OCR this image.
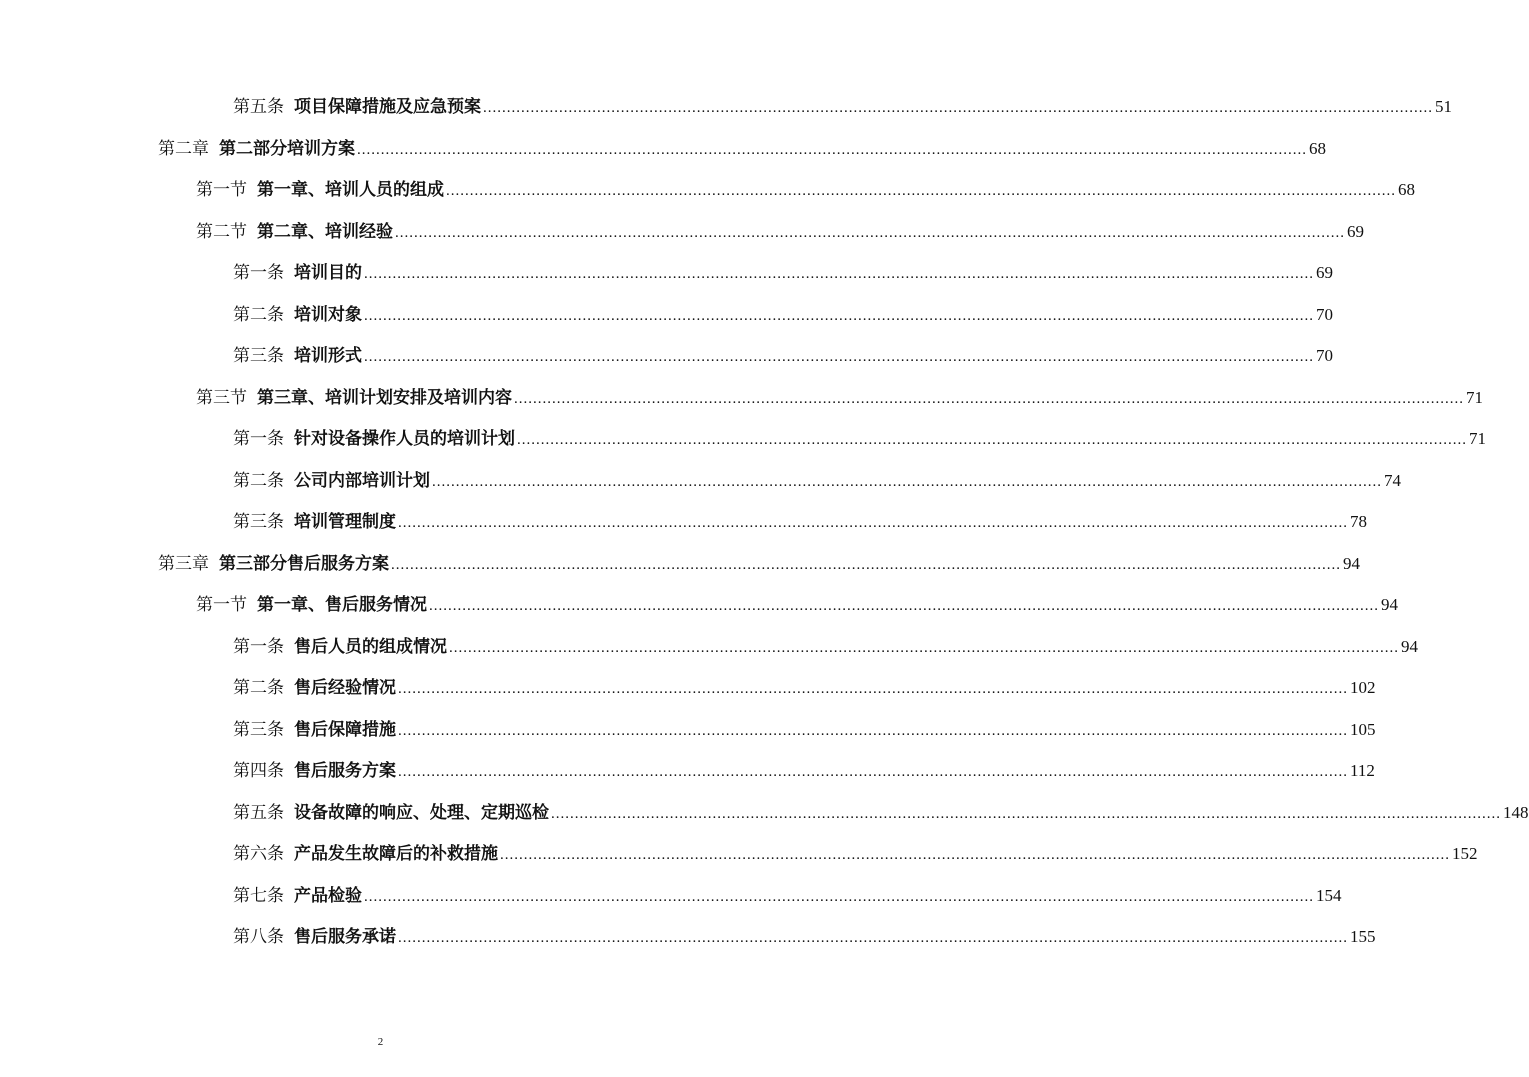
第五条 项目保障措施及应急预案 ........................................................................................................................................................................................................ 51
第二章 第二部分培训方案 ........................................................................................................................................................................................................ 68
第一节 第一章、培训人员的组成 ........................................................................................................................................................................................................ 68
第二节 第二章、培训经验 ........................................................................................................................................................................................................ 69
第一条 培训目的 ........................................................................................................................................................................................................ 69
第二条 培训对象 ........................................................................................................................................................................................................ 70
第三条 培训形式 ........................................................................................................................................................................................................ 70
第三节 第三章、培训计划安排及培训内容 ........................................................................................................................................................................................................ 71
第一条 针对设备操作人员的培训计划 ........................................................................................................................................................................................................ 71
第二条 公司内部培训计划 ........................................................................................................................................................................................................ 74
第三条 培训管理制度 ........................................................................................................................................................................................................ 78
第三章 第三部分售后服务方案 ........................................................................................................................................................................................................ 94
第一节 第一章、售后服务情况 ........................................................................................................................................................................................................ 94
第一条 售后人员的组成情况 ........................................................................................................................................................................................................ 94
第二条 售后经验情况 ........................................................................................................................................................................................................ 102
第三条 售后保障措施 ........................................................................................................................................................................................................ 105
第四条 售后服务方案 ........................................................................................................................................................................................................ 112
第五条 设备故障的响应、处理、定期巡检 ........................................................................................................................................................................................................ 148
第六条 产品发生故障后的补救措施 ........................................................................................................................................................................................................ 152
第七条 产品检验 ........................................................................................................................................................................................................ 154
第八条 售后服务承诺 ........................................................................................................................................................................................................ 155
2
